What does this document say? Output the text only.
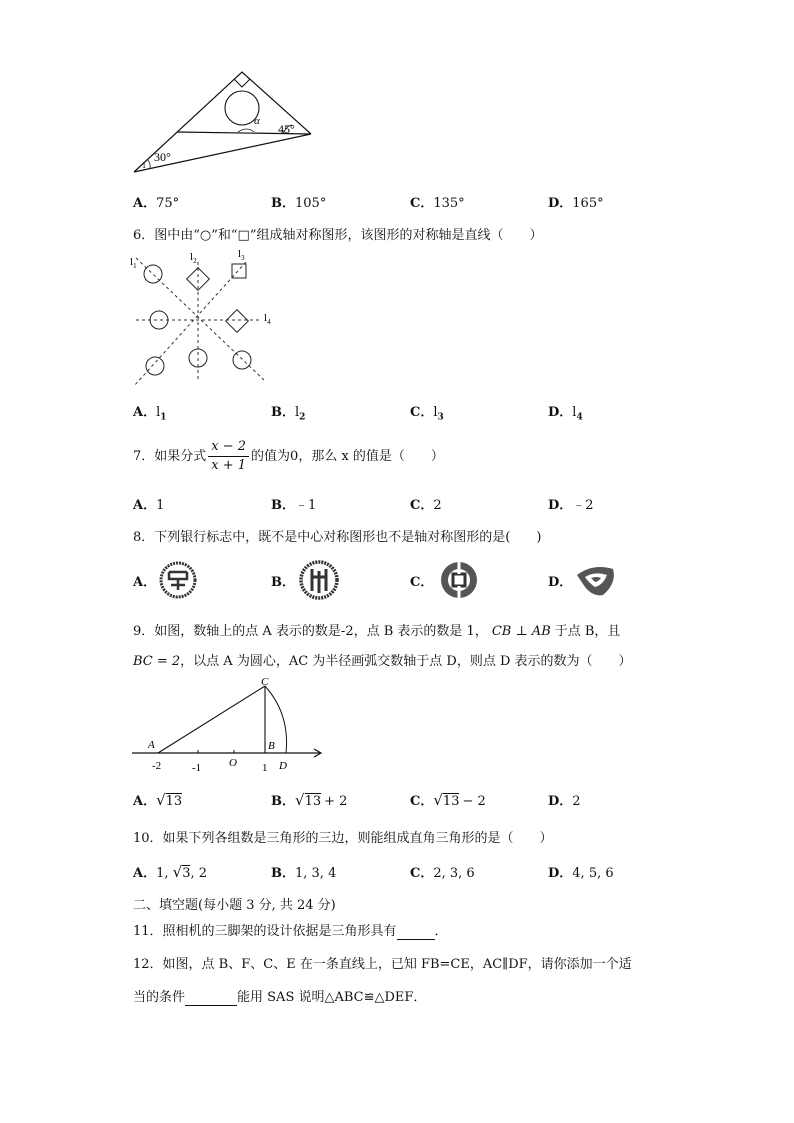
α
45°
30°
1
A．75°	B．105°	C．135°	D．165°
6．图中由“○”和“□”组成轴对称图形，该图形的对称轴是直线（　　）
$l_1$
$l_2$
$l_3$
$l_4$
A．$l_1$	B．$l_2$	C．$l_3$	D．$l_4$
7．如果分式 $\frac{x - 2}{x + 1}$ 的值为0，那么 x 的值是（　　）
A．1	B．﹣1	C．2	D．﹣2
8．下列银行标志中，既不是中心对称图形也不是轴对称图形的是(　　)
A．	B．	C．	D．
9．如图，数轴上的点 A 表示的数是-2，点 B 表示的数是 1， CB ⊥ AB 于点 B，且
BC = 2，以点 A 为圆心，AC 为半径画弧交数轴于点 D，则点 D 表示的数为（　　）
C
A	B
O	D
-2	-1	1
A．√13	B．√13 + 2	C．√13 − 2	D．2
10．如果下列各组数是三角形的三边，则能组成直角三角形的是（　　）
A．1, √3, 2	B．1, 3, 4	C．2, 3, 6	D．4, 5, 6
二、填空题(每小题 3 分, 共 24 分)
11．照相机的三脚架的设计依据是三角形具有	．
12．如图，点 B、F、C、E 在一条直线上，已知 FB=CE，AC∥DF，请你添加一个适
当的条件	能用 SAS 说明△ABC≌△DEF．
